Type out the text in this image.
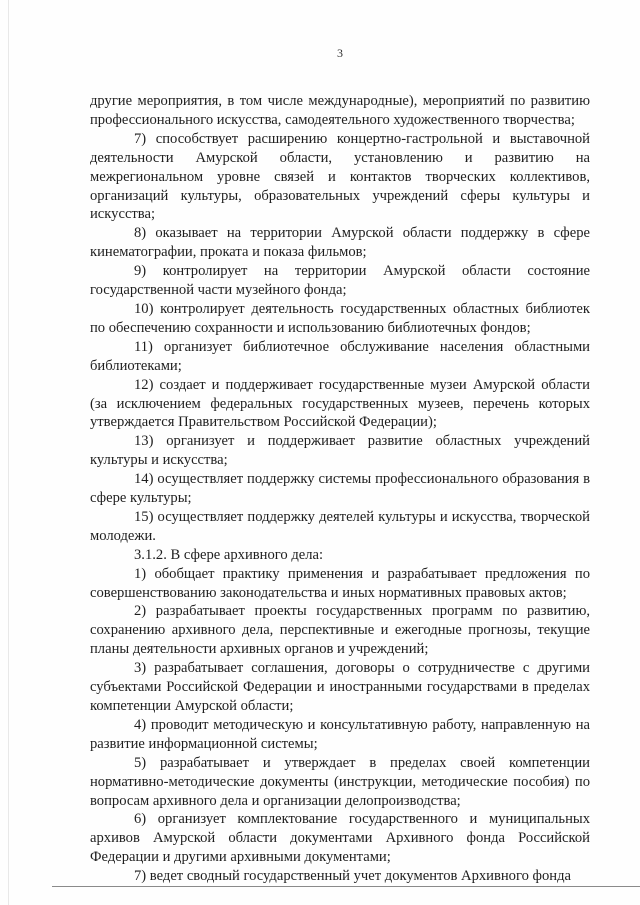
3

другие мероприятия, в том числе международные), мероприятий по развитию профессионального искусства, самодеятельного художественного творчества;

7) способствует расширению концертно-гастрольной и выставочной деятельности Амурской области, установлению и развитию на межрегиональном уровне связей и контактов творческих коллективов, организаций культуры, образовательных учреждений сферы культуры и искусства;

8) оказывает на территории Амурской области поддержку в сфере кинематографии, проката и показа фильмов;

9) контролирует на территории Амурской области состояние государственной части музейного фонда;

10) контролирует деятельность государственных областных библиотек по обеспечению сохранности и использованию библиотечных фондов;

11) организует библиотечное обслуживание населения областными библиотеками;

12) создает и поддерживает государственные музеи Амурской области (за исключением федеральных государственных музеев, перечень которых утверждается Правительством Российской Федерации);

13) организует и поддерживает развитие областных учреждений культуры и искусства;

14) осуществляет поддержку системы профессионального образования в сфере культуры;

15) осуществляет поддержку деятелей культуры и искусства, творческой молодежи.

3.1.2. В сфере архивного дела:

1) обобщает практику применения и разрабатывает предложения по совершенствованию законодательства и иных нормативных правовых актов;

2) разрабатывает проекты государственных программ по развитию, сохранению архивного дела, перспективные и ежегодные прогнозы, текущие планы деятельности архивных органов и учреждений;

3) разрабатывает соглашения, договоры о сотрудничестве с другими субъектами Российской Федерации и иностранными государствами в пределах компетенции Амурской области;

4) проводит методическую и консультативную работу, направленную на развитие информационной системы;

5) разрабатывает и утверждает в пределах своей компетенции нормативно-методические документы (инструкции, методические пособия) по вопросам архивного дела и организации делопроизводства;

6) организует комплектование государственного и муниципальных архивов Амурской области документами Архивного фонда Российской Федерации и другими архивными документами;

7) ведет сводный государственный учет документов Архивного фонда
